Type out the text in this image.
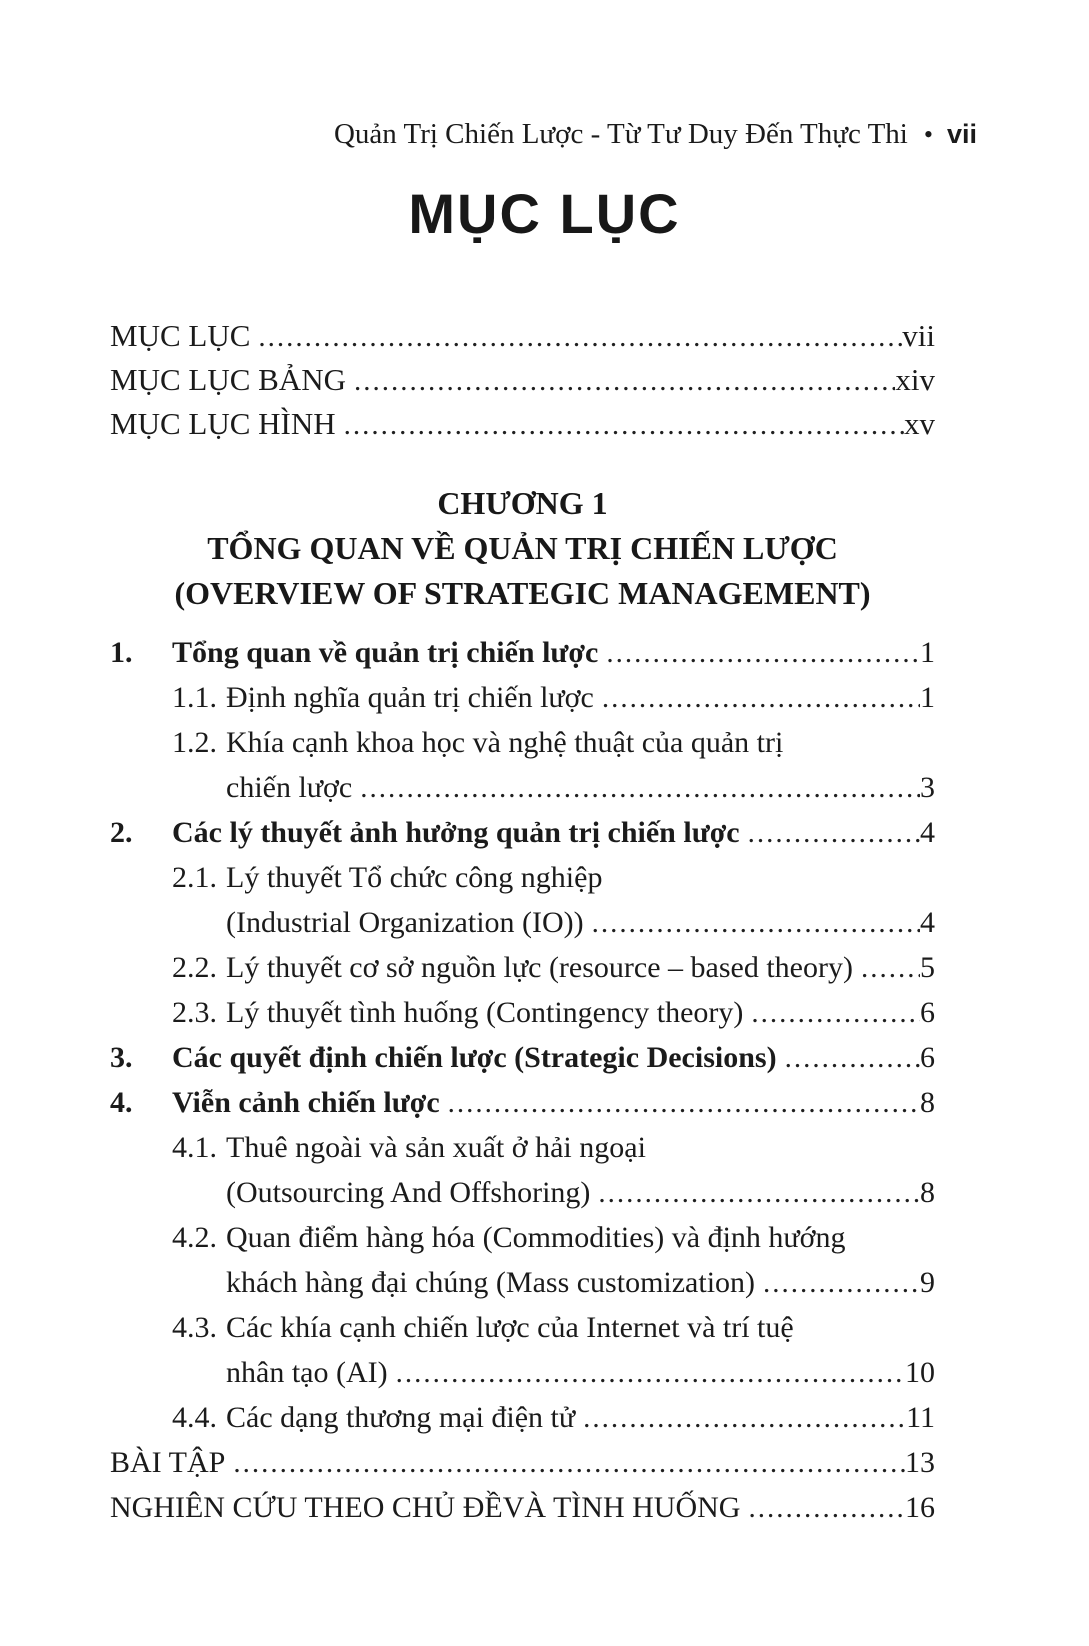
Quản Trị Chiến Lược - Từ Tư Duy Đến Thực Thi • vii
MỤC LỤC
MỤC LỤC .....	vii
MỤC LỤC BẢNG .....	xiv
MỤC LỤC HÌNH .....	xv
CHƯƠNG 1
TỔNG QUAN VỀ QUẢN TRỊ CHIẾN LƯỢC
(OVERVIEW OF STRATEGIC MANAGEMENT)
1.	Tổng quan về quản trị chiến lược .....	1
1.1. Định nghĩa quản trị chiến lược .....	1
1.2. Khía cạnh khoa học và nghệ thuật của quản trị
chiến lược .....	3
2.	Các lý thuyết ảnh hưởng quản trị chiến lược .....	4
2.1. Lý thuyết Tổ chức công nghiệp
(Industrial Organization (IO)) .....	4
2.2. Lý thuyết cơ sở nguồn lực (resource – based theory) ..... 5
2.3. Lý thuyết tình huống (Contingency theory) .....	6
3.	Các quyết định chiến lược (Strategic Decisions) .....	6
4.	Viễn cảnh chiến lược .....	8
4.1. Thuê ngoài và sản xuất ở hải ngoại
(Outsourcing And Offshoring) .....	8
4.2. Quan điểm hàng hóa (Commodities) và định hướng
khách hàng đại chúng (Mass customization) .....	9
4.3. Các khía cạnh chiến lược của Internet và trí tuệ
nhân tạo (AI) .....	10
4.4. Các dạng thương mại điện tử .....	11
BÀI TẬP .....	13
NGHIÊN CỨU THEO CHỦ ĐỀVÀ TÌNH HUỐNG .....	16
